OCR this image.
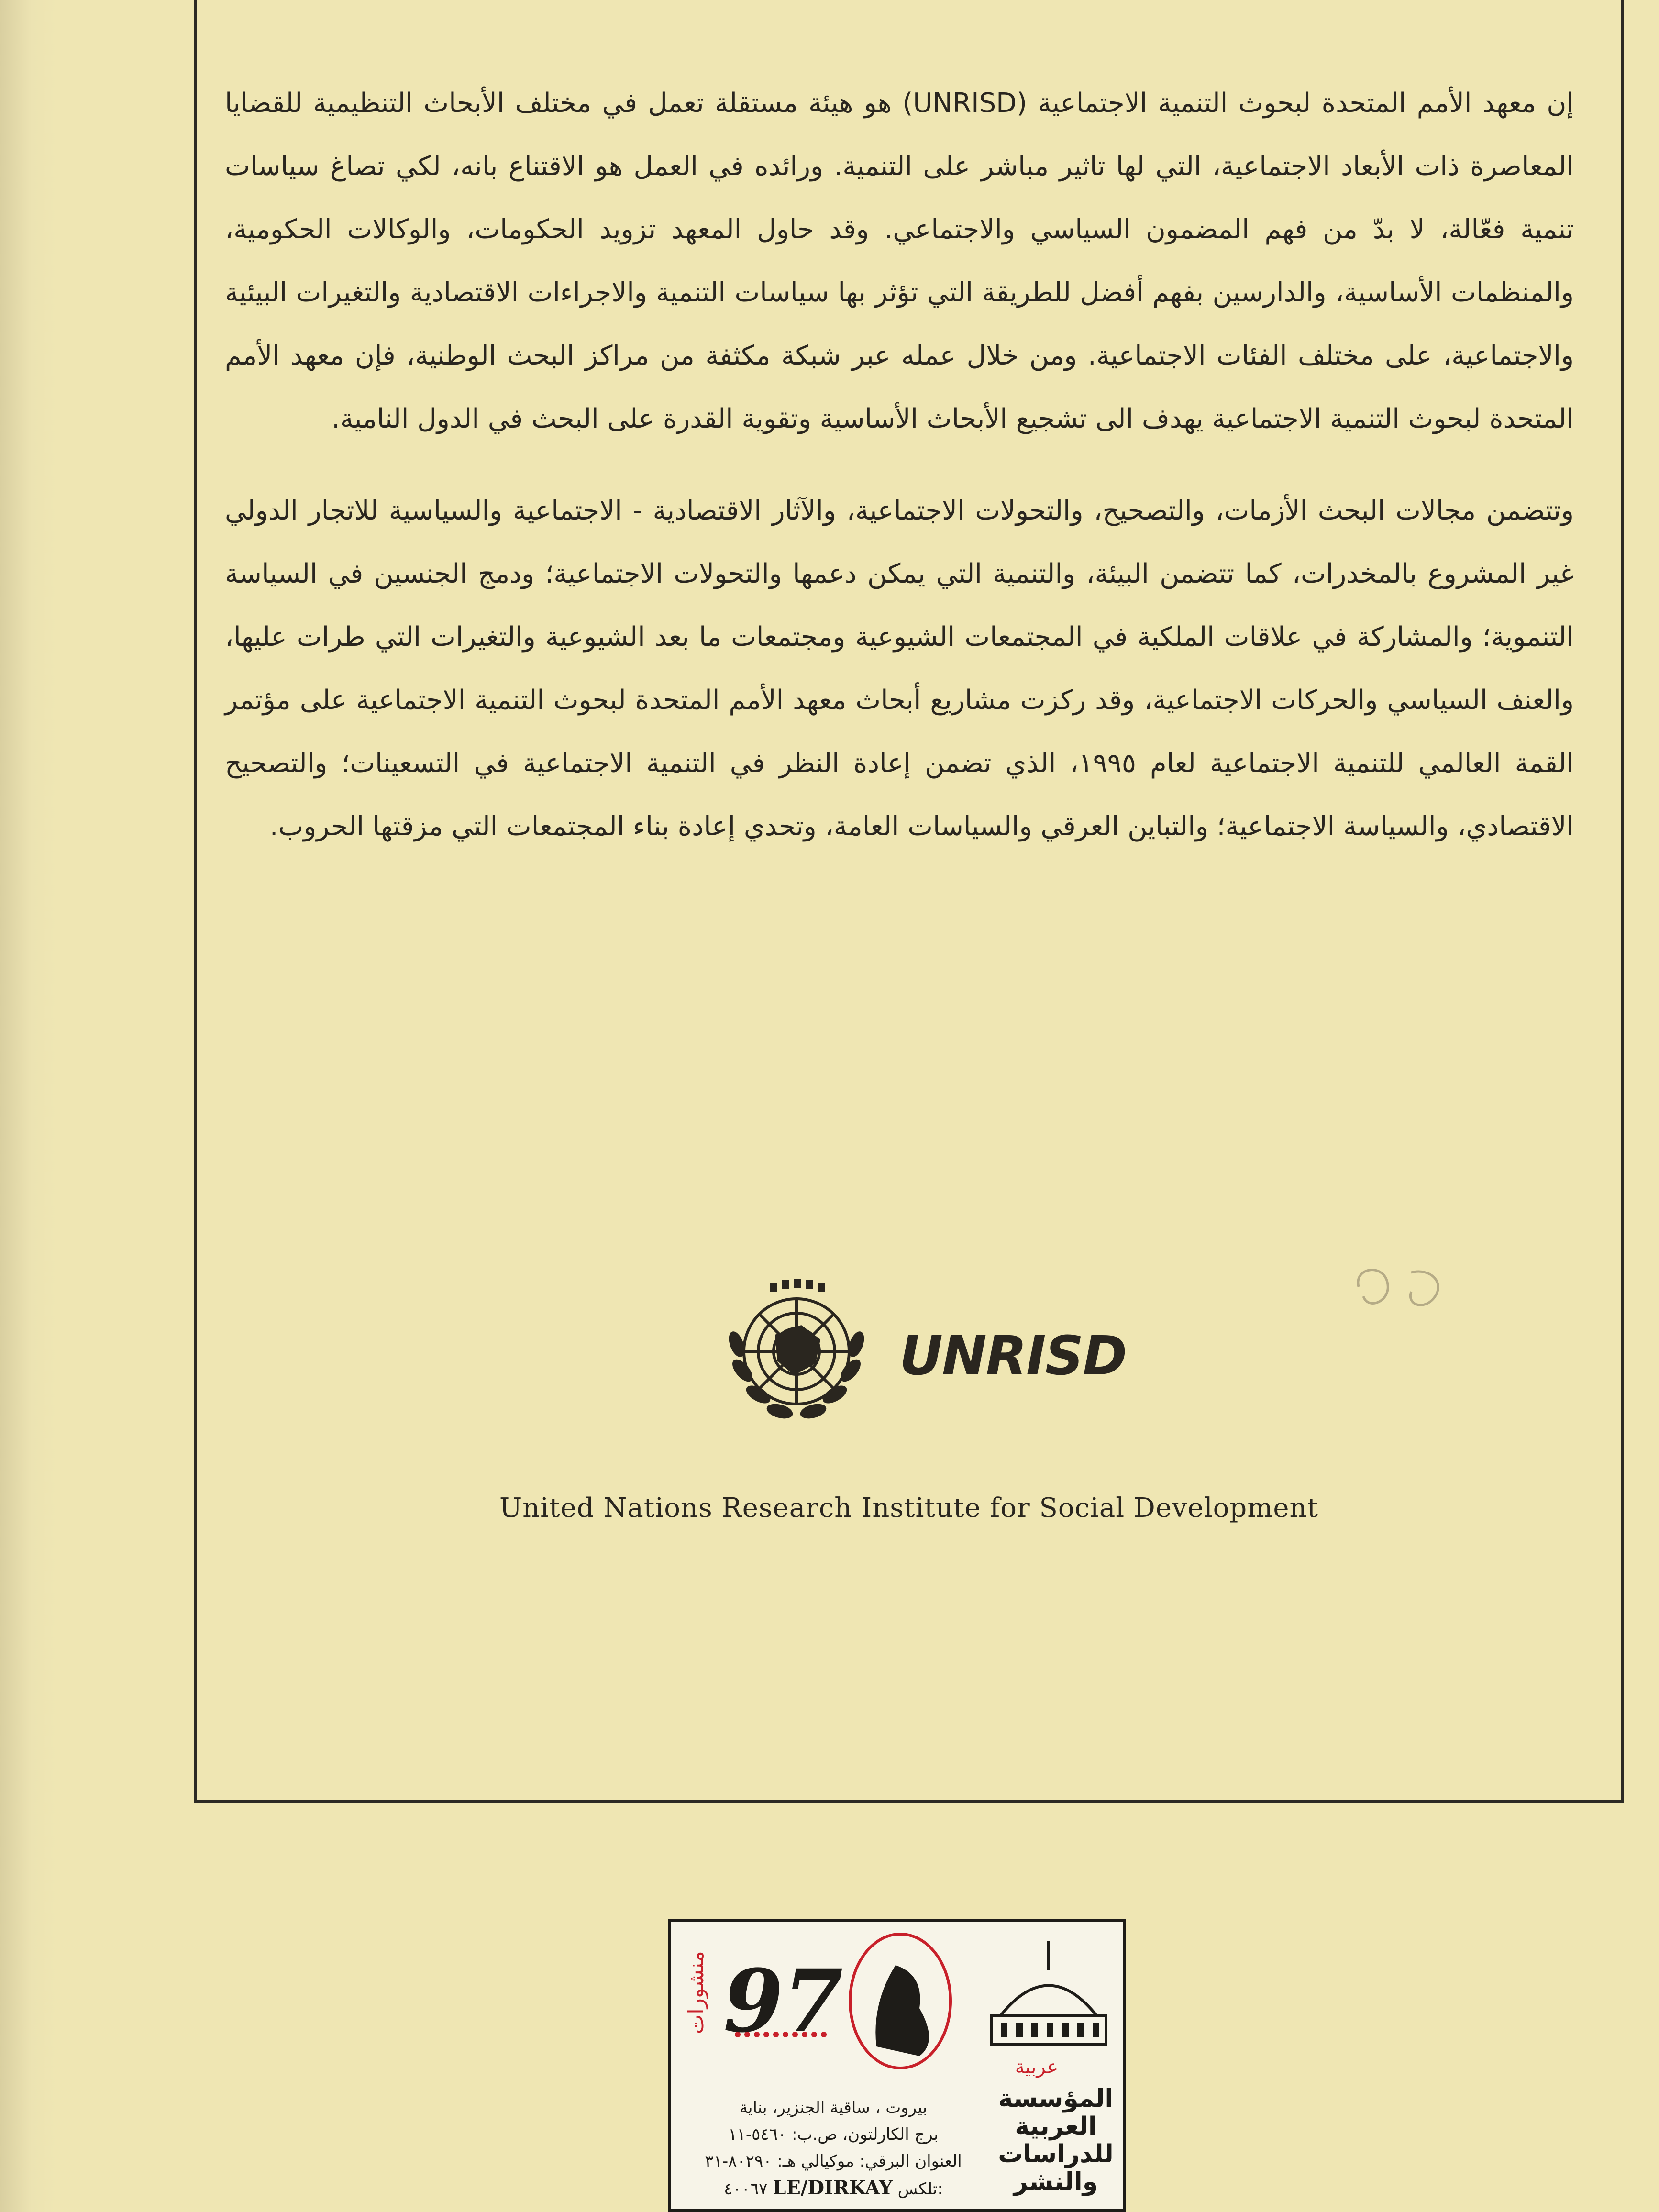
إن معهد الأمم المتحدة لبحوث التنمية الاجتماعية (UNRISD) هو هيئة مستقلة تعمل في مختلف الأبحاث التنظيمية للقضايا المعاصرة ذات الأبعاد الاجتماعية، التي لها تاثير مباشر على التنمية. ورائده في العمل هو الاقتناع بانه، لكي تصاغ سياسات تنمية فعّالة، لا بدّ من فهم المضمون السياسي والاجتماعي. وقد حاول المعهد تزويد الحكومات، والوكالات الحكومية، والمنظمات الأساسية، والدارسين بفهم أفضل للطريقة التي تؤثر بها سياسات التنمية والاجراءات الاقتصادية والتغيرات البيئية والاجتماعية، على مختلف الفئات الاجتماعية. ومن خلال عمله عبر شبكة مكثفة من مراكز البحث الوطنية، فإن معهد الأمم المتحدة لبحوث التنمية الاجتماعية يهدف الى تشجيع الأبحاث الأساسية وتقوية القدرة على البحث في الدول النامية.

وتتضمن مجالات البحث الأزمات، والتصحيح، والتحولات الاجتماعية، والآثار الاقتصادية - الاجتماعية والسياسية للاتجار الدولي غير المشروع بالمخدرات، كما تتضمن البيئة، والتنمية التي يمكن دعمها والتحولات الاجتماعية؛ ودمج الجنسين في السياسة التنموية؛ والمشاركة في علاقات الملكية في المجتمعات الشيوعية ومجتمعات ما بعد الشيوعية والتغيرات التي طرات عليها، والعنف السياسي والحركات الاجتماعية، وقد ركزت مشاريع أبحاث معهد الأمم المتحدة لبحوث التنمية الاجتماعية على مؤتمر القمة العالمي للتنمية الاجتماعية لعام ١٩٩٥، الذي تضمن إعادة النظر في التنمية الاجتماعية في التسعينات؛ والتصحيح الاقتصادي، والسياسة الاجتماعية؛ والتباين العرقي والسياسات العامة، وتحدي إعادة بناء المجتمعات التي مزقتها الحروب.

UNRISD
United Nations Research Institute for Social Development
97
منشورات
عربية
المؤسسة
العربية
للدراسات
والنشر
بيروت ، ساقية الجنزير، بناية
برج الكارلتون، ص.ب: ٥٤٦٠-١١
العنوان البرقي: موكيالي هـ: ٨٠٢٩٠-٣١
٤٠٠٦٧ LE/DIRKAY تلكس:
